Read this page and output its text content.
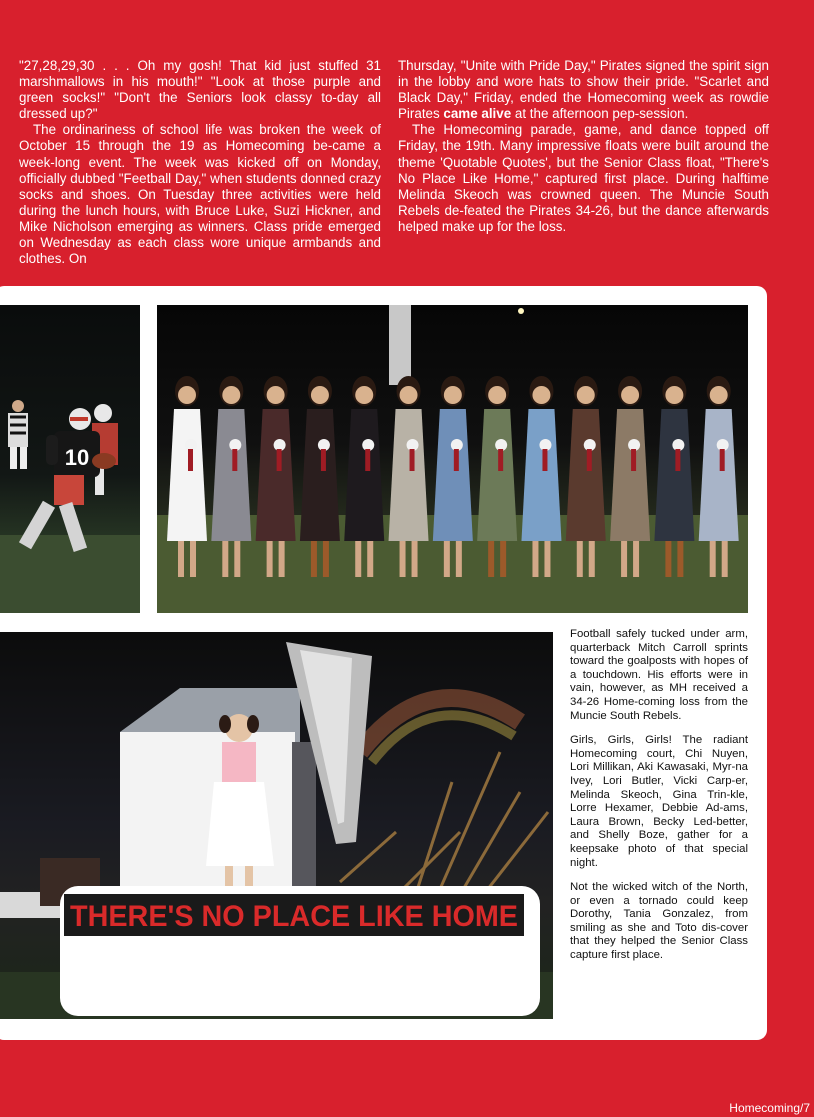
"27,28,29,30 . . . Oh my gosh! That kid just stuffed 31 marshmallows in his mouth!" "Look at those purple and green socks!" "Don't the Seniors look classy to-day all dressed up?"

The ordinariness of school life was broken the week of October 15 through the 19 as Homecoming be-came a week-long event. The week was kicked off on Monday, officially dubbed "Feetball Day," when students donned crazy socks and shoes. On Tuesday three activities were held during the lunch hours, with Bruce Luke, Suzi Hickner, and Mike Nicholson emerging as winners. Class pride emerged on Wednesday as each class wore unique armbands and clothes. On

Thursday, "Unite with Pride Day," Pirates signed the spirit sign in the lobby and wore hats to show their pride. "Scarlet and Black Day," Friday, ended the Homecoming week as rowdie Pirates came alive at the afternoon pep-session.

The Homecoming parade, game, and dance topped off Friday, the 19th. Many impressive floats were built around the theme 'Quotable Quotes', but the Senior Class float, "There's No Place Like Home," captured first place. During halftime Melinda Skeoch was crowned queen. The Muncie South Rebels de-feated the Pirates 34-26, but the dance afterwards helped make up for the loss.

10
THERE'S NO PLACE LIKE HOME

Football safely tucked under arm, quarterback Mitch Carroll sprints toward the goalposts with hopes of a touchdown. His efforts were in vain, however, as MH received a 34-26 Home-coming loss from the Muncie South Rebels.

Girls, Girls, Girls! The radiant Homecoming court, Chi Nuyen, Lori Millikan, Aki Kawasaki, Myr-na Ivey, Lori Butler, Vicki Carp-er, Melinda Skeoch, Gina Trin-kle, Lorre Hexamer, Debbie Ad-ams, Laura Brown, Becky Led-better, and Shelly Boze, gather for a keepsake photo of that special night.

Not the wicked witch of the North, or even a tornado could keep Dorothy, Tania Gonzalez, from smiling as she and Toto dis-cover that they helped the Senior Class capture first place.

Homecoming/7
